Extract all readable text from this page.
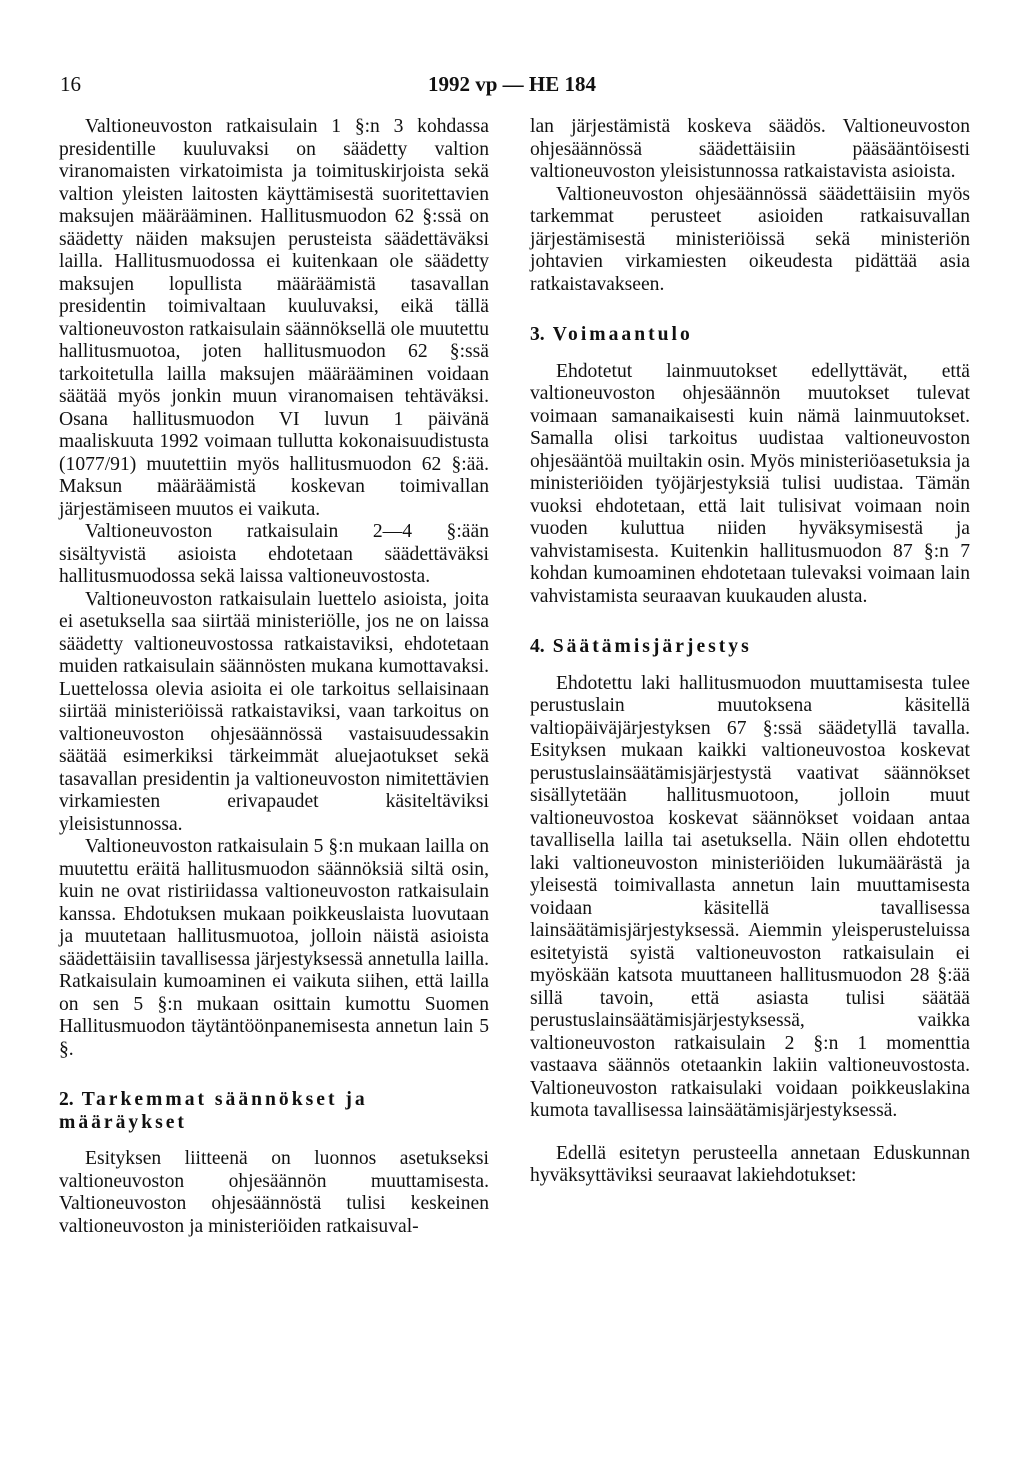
16	1992 vp — HE 184

Valtioneuvoston ratkaisulain 1 §:n 3 kohdassa presidentille kuuluvaksi on säädetty valtion viranomaisten virkatoimista ja toimituskirjoista sekä valtion yleisten laitosten käyttämisestä suoritettavien maksujen määrääminen. Hallitusmuodon 62 §:ssä on säädetty näiden maksujen perusteista säädettäväksi lailla. Hallitusmuodossa ei kuitenkaan ole säädetty maksujen lopullista määräämistä tasavallan presidentin toimivaltaan kuuluvaksi, eikä tällä valtioneuvoston ratkaisulain säännöksellä ole muutettu hallitusmuotoa, joten hallitusmuodon 62 §:ssä tarkoitetulla lailla maksujen määrääminen voidaan säätää myös jonkin muun viranomaisen tehtäväksi. Osana hallitusmuodon VI luvun 1 päivänä maaliskuuta 1992 voimaan tullutta kokonaisuudistusta (1077/91) muutettiin myös hallitusmuodon 62 §:ää. Maksun määräämistä koskevan toimivallan järjestämiseen muutos ei vaikuta.

Valtioneuvoston ratkaisulain 2—4 §:ään sisältyvistä asioista ehdotetaan säädettäväksi hallitusmuodossa sekä laissa valtioneuvostosta.

Valtioneuvoston ratkaisulain luettelo asioista, joita ei asetuksella saa siirtää ministeriölle, jos ne on laissa säädetty valtioneuvostossa ratkaistaviksi, ehdotetaan muiden ratkaisulain säännösten mukana kumottavaksi. Luettelossa olevia asioita ei ole tarkoitus sellaisinaan siirtää ministeriöissä ratkaistaviksi, vaan tarkoitus on valtioneuvoston ohjesäännössä vastaisuudessakin säätää esimerkiksi tärkeimmät aluejaotukset sekä tasavallan presidentin ja valtioneuvoston nimitettävien virkamiesten erivapaudet käsiteltäviksi yleisistunnossa.

Valtioneuvoston ratkaisulain 5 §:n mukaan lailla on muutettu eräitä hallitusmuodon säännöksiä siltä osin, kuin ne ovat ristiriidassa valtioneuvoston ratkaisulain kanssa. Ehdotuksen mukaan poikkeuslaista luovutaan ja muutetaan hallitusmuotoa, jolloin näistä asioista säädettäisiin tavallisessa järjestyksessä annetulla lailla. Ratkaisulain kumoaminen ei vaikuta siihen, että lailla on sen 5 §:n mukaan osittain kumottu Suomen Hallitusmuodon täytäntöönpanemisesta annetun lain 5 §.

2. Tarkemmat säännökset ja määräykset

Esityksen liitteenä on luonnos asetukseksi valtioneuvoston ohjesäännön muuttamisesta. Valtioneuvoston ohjesäännöstä tulisi keskeinen valtioneuvoston ja ministeriöiden ratkaisuval-

lan järjestämistä koskeva säädös. Valtioneuvoston ohjesäännössä säädettäisiin pääsääntöisesti valtioneuvoston yleisistunnossa ratkaistavista asioista.

Valtioneuvoston ohjesäännössä säädettäisiin myös tarkemmat perusteet asioiden ratkaisuvallan järjestämisestä ministeriöissä sekä ministeriön johtavien virkamiesten oikeudesta pidättää asia ratkaistavakseen.

3. Voimaantulo

Ehdotetut lainmuutokset edellyttävät, että valtioneuvoston ohjesäännön muutokset tulevat voimaan samanaikaisesti kuin nämä lainmuutokset. Samalla olisi tarkoitus uudistaa valtioneuvoston ohjesääntöä muiltakin osin. Myös ministeriöasetuksia ja ministeriöiden työjärjestyksiä tulisi uudistaa. Tämän vuoksi ehdotetaan, että lait tulisivat voimaan noin vuoden kuluttua niiden hyväksymisestä ja vahvistamisesta. Kuitenkin hallitusmuodon 87 §:n 7 kohdan kumoaminen ehdotetaan tulevaksi voimaan lain vahvistamista seuraavan kuukauden alusta.

4. Säätämisjärjestys

Ehdotettu laki hallitusmuodon muuttamisesta tulee perustuslain muutoksena käsitellä valtiopäiväjärjestyksen 67 §:ssä säädetyllä tavalla. Esityksen mukaan kaikki valtioneuvostoa koskevat perustuslainsäätämisjärjestystä vaativat säännökset sisällytetään hallitusmuotoon, jolloin muut valtioneuvostoa koskevat säännökset voidaan antaa tavallisella lailla tai asetuksella. Näin ollen ehdotettu laki valtioneuvoston ministeriöiden lukumäärästä ja yleisestä toimivallasta annetun lain muuttamisesta voidaan käsitellä tavallisessa lainsäätämisjärjestyksessä. Aiemmin yleisperusteluissa esitetyistä syistä valtioneuvoston ratkaisulain ei myöskään katsota muuttaneen hallitusmuodon 28 §:ää sillä tavoin, että asiasta tulisi säätää perustuslainsäätämisjärjestyksessä, vaikka valtioneuvoston ratkaisulain 2 §:n 1 momenttia vastaava säännös otetaankin lakiin valtioneuvostosta. Valtioneuvoston ratkaisulaki voidaan poikkeuslakina kumota tavallisessa lainsäätämisjärjestyksessä.

Edellä esitetyn perusteella annetaan Eduskunnan hyväksyttäviksi seuraavat lakiehdotukset:
